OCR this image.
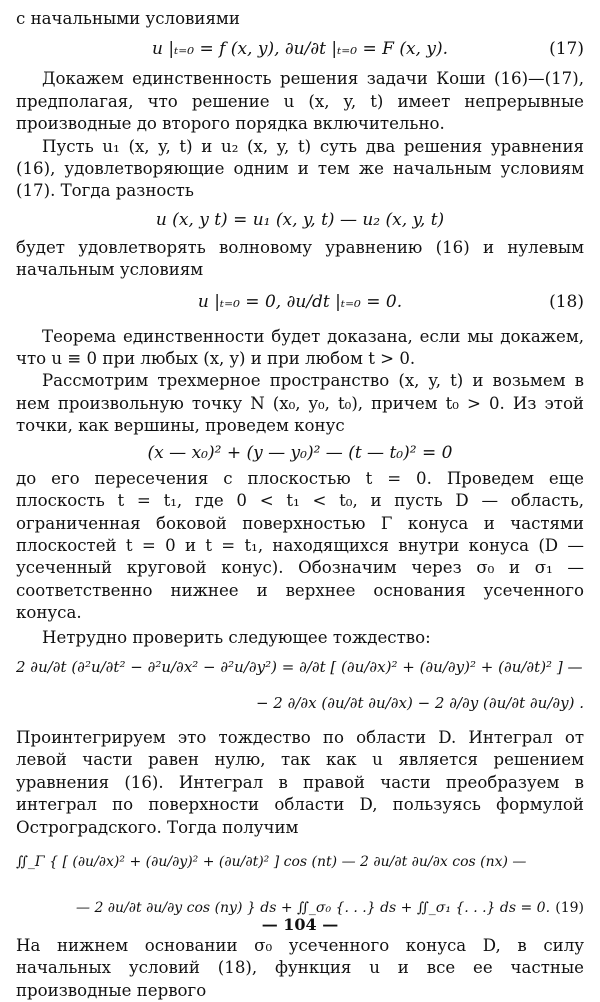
с начальными условиями

u |ₜ₌₀ = f (x, y), ∂u/∂t |ₜ₌₀ = F (x, y).	(17)

Докажем единственность решения задачи Коши (16)—(17), предполагая, что решение u (x, y, t) имеет непрерывные производные до второго порядка включительно.

Пусть u₁ (x, y, t) и u₂ (x, y, t) суть два решения уравнения (16), удовлетворяющие одним и тем же начальным условиям (17). Тогда разность

u (x, y t) = u₁ (x, y, t) — u₂ (x, y, t)

будет удовлетворять волновому уравнению (16) и нулевым начальным условиям

u |ₜ₌₀ = 0, ∂u/dt |ₜ₌₀ = 0.	(18)

Теорема единственности будет доказана, если мы докажем, что u ≡ 0 при любых (x, y) и при любом t > 0.

Рассмотрим трехмерное пространство (x, y, t) и возьмем в нем произвольную точку N (x₀, y₀, t₀), причем t₀ > 0. Из этой точки, как вершины, проведем конус

(x — x₀)² + (y — y₀)² — (t — t₀)² = 0

до его пересечения с плоскостью t = 0. Проведем еще плоскость t = t₁, где 0 < t₁ < t₀, и пусть D — область, ограниченная боковой поверхностью Γ конуса и частями плоскостей t = 0 и t = t₁, находящихся внутри конуса (D — усеченный круговой конус). Обозначим через σ₀ и σ₁ — соответственно нижнее и верхнее основания усеченного конуса.

Нетрудно проверить следующее тождество:

2 ∂u/∂t (∂²u/∂t² − ∂²u/∂x² − ∂²u/∂y²) = ∂/∂t [ (∂u/∂x)² + (∂u/∂y)² + (∂u/∂t)² ] —
− 2 ∂/∂x (∂u/∂t ∂u/∂x) − 2 ∂/∂y (∂u/∂t ∂u/∂y) .

Проинтегрируем это тождество по области D. Интеграл от левой части равен нулю, так как u является решением уравнения (16). Интеграл в правой части преобразуем в интеграл по поверхности области D, пользуясь формулой Остроградского. Тогда получим

∬_Γ { [ (∂u/∂x)² + (∂u/∂y)² + (∂u/∂t)² ] cos (nt) — 2 ∂u/∂t ∂u/∂x cos (nx) —
— 2 ∂u/∂t ∂u/∂y cos (ny) } ds + ∬_σ₀ {. . .} ds + ∬_σ₁ {. . .} ds = 0. (19)

На нижнем основании σ₀ усеченного конуса D, в силу начальных условий (18), функция u и все ее частные производные первого

— 104 —
